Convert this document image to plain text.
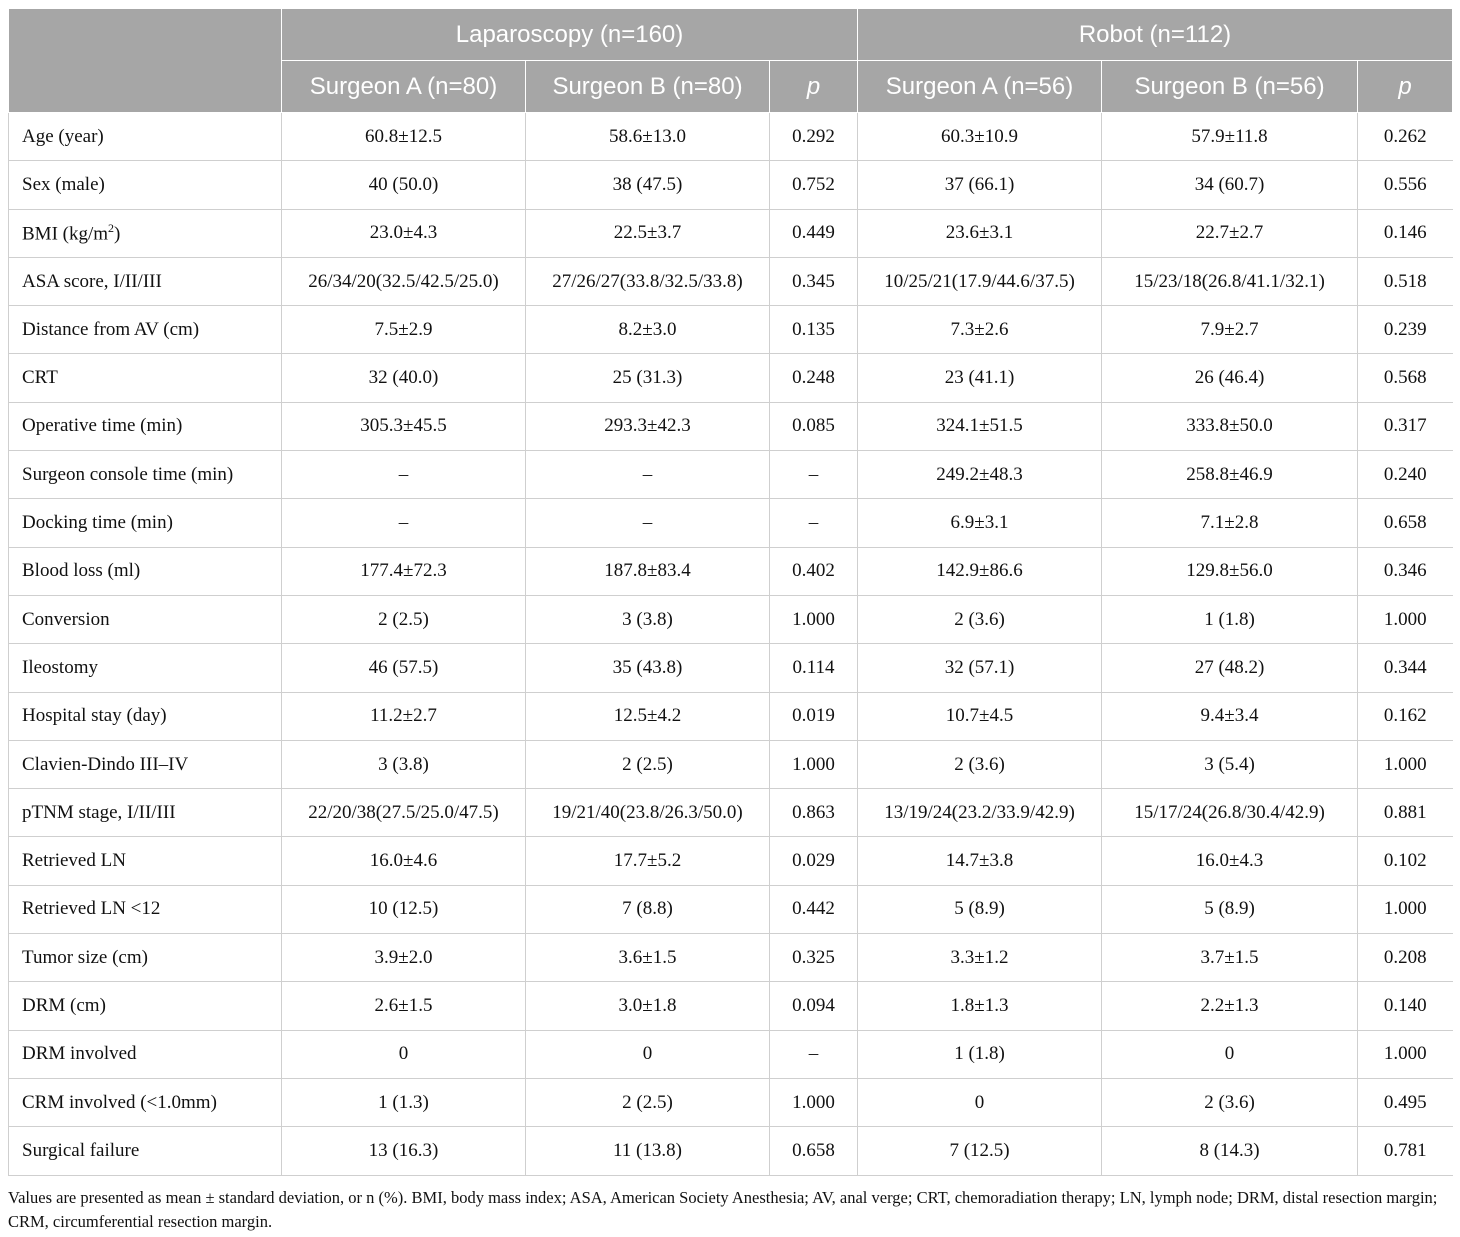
	Laparoscopy (n=160)			Robot (n=112)		
	Surgeon A (n=80)	Surgeon B (n=80)	p	Surgeon A (n=56)	Surgeon B (n=56)	p
Age (year)	60.8±12.5	58.6±13.0	0.292	60.3±10.9	57.9±11.8	0.262
Sex (male)	40 (50.0)	38 (47.5)	0.752	37 (66.1)	34 (60.7)	0.556
BMI $(kg/m^2)$	23.0±4.3	22.5±3.7	0.449	23.6±3.1	22.7±2.7	0.146
ASA score, I/II/III	26/34/20(32.5/42.5/25.0)	27/26/27(33.8/32.5/33.8)	0.345	10/25/21(17.9/44.6/37.5)	15/23/18(26.8/41.1/32.1)	0.518
Distance from AV (cm)	7.5±2.9	8.2±3.0	0.135	7.3±2.6	7.9±2.7	0.239
CRT	32 (40.0)	25 (31.3)	0.248	23 (41.1)	26 (46.4)	0.568
Operative time (min)	305.3±45.5	293.3±42.3	0.085	324.1±51.5	333.8±50.0	0.317
Surgeon console time (min)	–	–	–	249.2±48.3	258.8±46.9	0.240
Docking time (min)	–	–	–	6.9±3.1	7.1±2.8	0.658
Blood loss (ml)	177.4±72.3	187.8±83.4	0.402	142.9±86.6	129.8±56.0	0.346
Conversion	2 (2.5)	3 (3.8)	1.000	2 (3.6)	1 (1.8)	1.000
Ileostomy	46 (57.5)	35 (43.8)	0.114	32 (57.1)	27 (48.2)	0.344
Hospital stay (day)	11.2±2.7	12.5±4.2	0.019	10.7±4.5	9.4±3.4	0.162
Clavien-Dindo III–IV	3 (3.8)	2 (2.5)	1.000	2 (3.6)	3 (5.4)	1.000
pTNM stage, I/II/III	22/20/38(27.5/25.0/47.5)	19/21/40(23.8/26.3/50.0)	0.863	13/19/24(23.2/33.9/42.9)	15/17/24(26.8/30.4/42.9)	0.881
Retrieved LN	16.0±4.6	17.7±5.2	0.029	14.7±3.8	16.0±4.3	0.102
Retrieved LN <12	10 (12.5)	7 (8.8)	0.442	5 (8.9)	5 (8.9)	1.000
Tumor size (cm)	3.9±2.0	3.6±1.5	0.325	3.3±1.2	3.7±1.5	0.208
DRM (cm)	2.6±1.5	3.0±1.8	0.094	1.8±1.3	2.2±1.3	0.140
DRM involved	0	0	–	1 (1.8)	0	1.000
CRM involved (<1.0mm)	1 (1.3)	2 (2.5)	1.000	0	2 (3.6)	0.495
Surgical failure	13 (16.3)	11 (13.8)	0.658	7 (12.5)	8 (14.3)	0.781
Values are presented as mean ± standard deviation, or n (%). BMI, body mass index; ASA, American Society Anesthesia; AV, anal verge; CRT, chemoradiation therapy; LN, lymph node; DRM, distal resection margin; CRM, circumferential resection margin.
